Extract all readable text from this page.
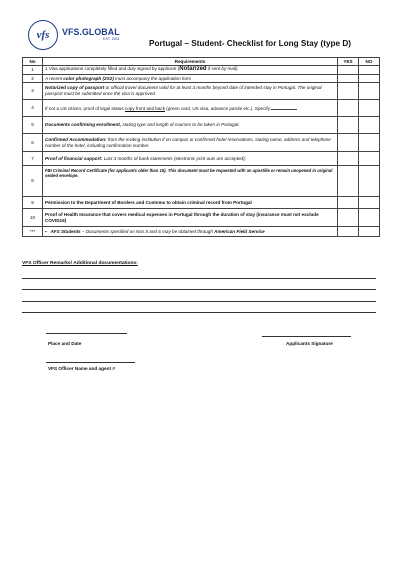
vfs VFS.GLOBAL
EST. 2001	Portugal – Student- Checklist for Long Stay (type D)
No	Requirements	YES	NO
1	1 Visa applications completely filled and duly signed by applicant (Notarized if sent by mail)		
2	A recent color photograph (2X2) must accompany the application form		
3	Notarized copy of passport or official travel document valid for at least 3 months beyond date of intended stay in Portugal. The original passport must be submitted once the visa is approved.		
4	If not a US citizen, proof of legal status copy front and back (green card, US visa, advance parole etc.). Specify:		
5	Documents confirming enrollment, stating type and length of courses to be taken in Portugal.		
6	Confirmed Accommodation: from the inviting institution if on campus or confirmed hotel reservations, stating name, address and telephone number of the hotel, including confirmation number.		
7	Proof of financial support: Last 3 months of bank statements (electronic print outs are accepted);		
8	FBI Criminal Record Certificate (for applicants older than 15). This document must be requested with an apostille or remain unopened in original sealed envelope.		
9	Permission to the Department of Borders and Customs to obtain criminal record from Portugal		
10	Proof of Health Insurance that covers medical expenses in Portugal through the duration of stay (insurance must not exclude COVID19)		
***	▪ AFS Students – Documents specified on Nos.5 and 6 may be obtained through American Field Service		
VFS Officer Remarks/ Additional documentations:
Place and Date	Applicants Signature
VFS Officer Name and agent #
